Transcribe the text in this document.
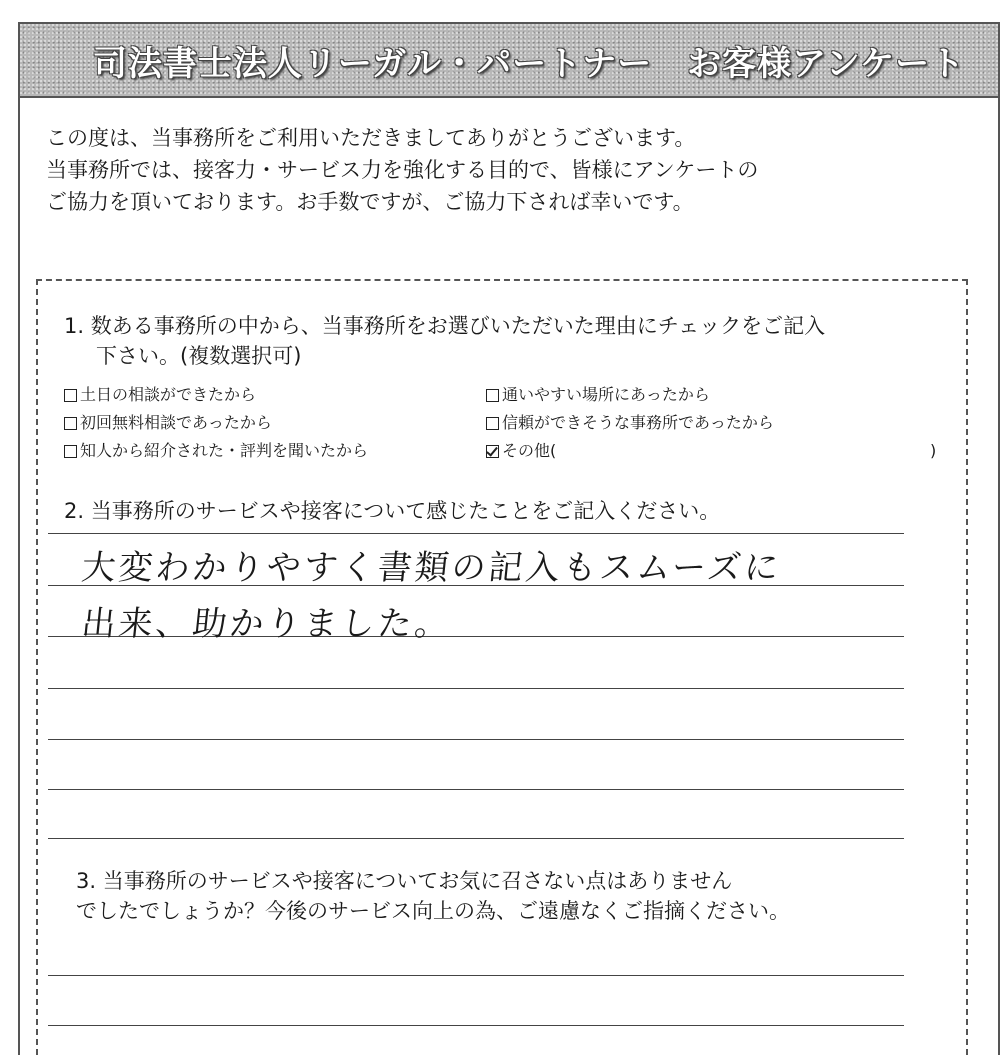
司法書士法人リーガル・パートナー　お客様アンケート
この度は、当事務所をご利用いただきましてありがとうございます。
当事務所では、接客力・サービス力を強化する目的で、皆様にアンケートの
ご協力を頂いております。お手数ですが、ご協力下されば幸いです。
1. 数ある事務所の中から、当事務所をお選びいただいた理由にチェックをご記入
下さい。(複数選択可)
土日の相談ができたから
初回無料相談であったから
知人から紹介された・評判を聞いたから
通いやすい場所にあったから
信頼ができそうな事務所であったから
その他(	)
2. 当事務所のサービスや接客について感じたことをご記入ください。
大変わかりやすく書類の記入もスムーズに
出来、助かりました。
3. 当事務所のサービスや接客についてお気に召さない点はありません
でしたでしょうか？今後のサービス向上の為、ご遠慮なくご指摘ください。
